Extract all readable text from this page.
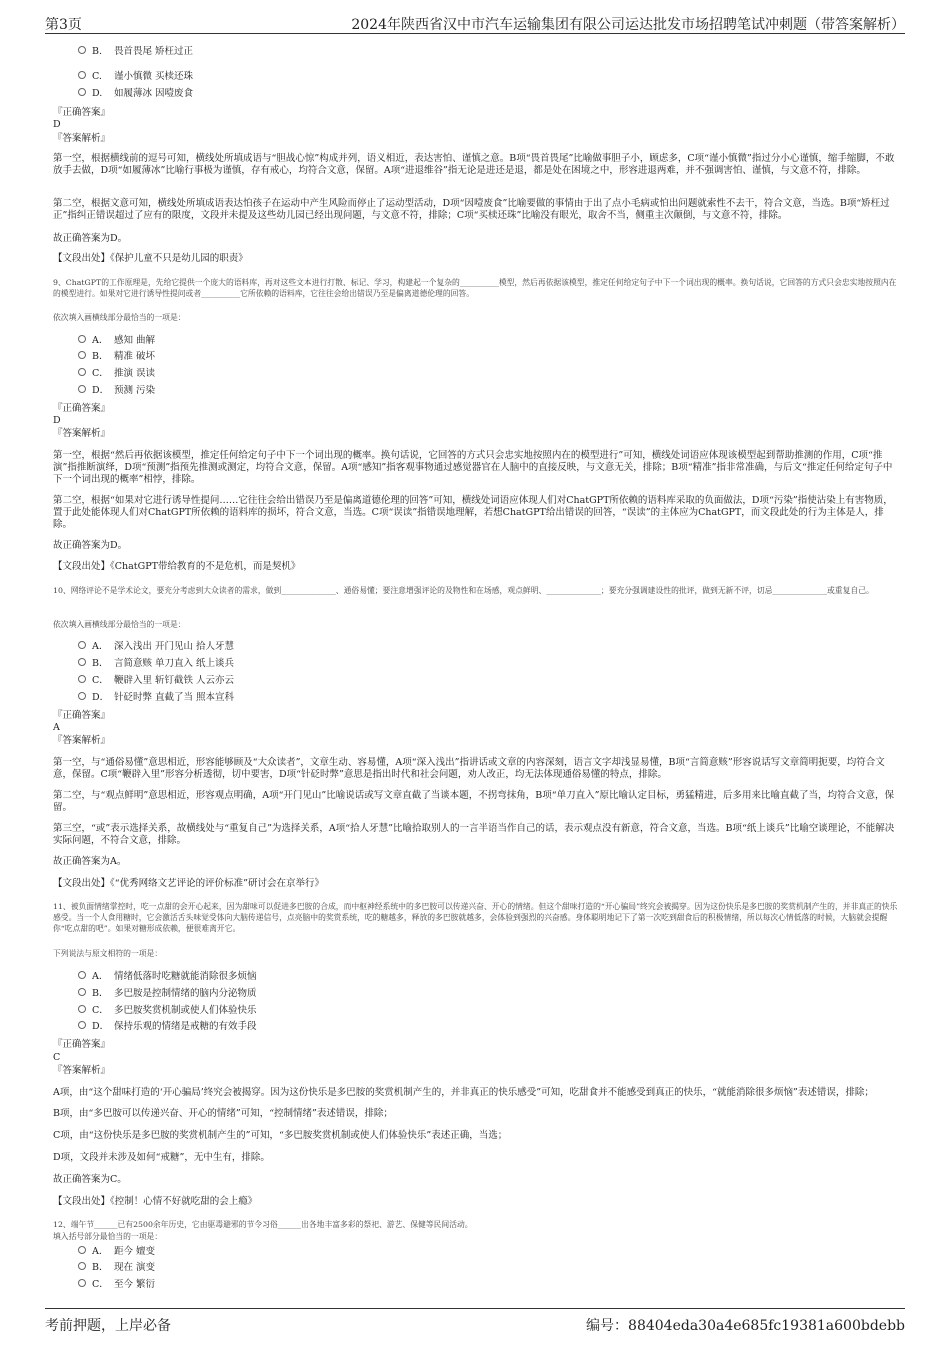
第3页	2024年陕西省汉中市汽车运输集团有限公司运达批发市场招聘笔试冲刺题（带答案解析）
B. 畏首畏尾 矫枉过正
C. 谨小慎微 买椟还珠
D. 如履薄冰 因噎废食
『正确答案』
D
『答案解析』
第一空，根据横线前的逗号可知，横线处所填成语与“胆战心惊”构成并列，语义相近，表达害怕、谨慎之意。B项“畏首畏尾”比喻做事胆子小，顾虑多，C项“谨小慎微”指过分小心谨慎，缩手缩脚，不敢放手去做，D项“如履薄冰”比喻行事极为谨慎，存有戒心，均符合文意，保留。A项“进退维谷”指无论是进还是退，都是处在困境之中，形容进退两难，并不强调害怕、谨慎，与文意不符，排除。
第二空，根据文意可知，横线处所填成语表达怕孩子在运动中产生风险而停止了运动型活动，D项“因噎废食”比喻要做的事情由于出了点小毛病或怕出问题就索性不去干，符合文意，当选。B项“矫枉过正”指纠正错误超过了应有的限度，文段并未提及这些幼儿园已经出现问题，与文意不符，排除；C项“买椟还珠”比喻没有眼光，取舍不当，侧重主次颠倒，与文意不符，排除。
故正确答案为D。
【文段出处】《保护儿童不只是幼儿园的职责》
9、ChatGPT的工作原理是，先给它提供一个庞大的语料库，再对这些文本进行打散、标记、学习，构建起一个复杂的__________模型，然后再依据该模型，推定任何给定句子中下一个词出现的概率。换句话说，它回答的方式只会忠实地按照内在的模型进行。如果对它进行诱导性提问或者__________它所依赖的语料库，它往往会给出错误乃至是偏离道德伦理的回答。
依次填入画横线部分最恰当的一项是：
A． 感知 曲解
B． 精准 破坏
C． 推演 误读
D． 预测 污染
『正确答案』
D
『答案解析』
第一空，根据“然后再依据该模型，推定任何给定句子中下一个词出现的概率。换句话说，它回答的方式只会忠实地按照内在的模型进行”可知，横线处词语应体现该模型起到帮助推测的作用，C项“推演”指推断演绎，D项“预测”指预先推测或测定，均符合文意，保留。A项“感知”指客观事物通过感觉器官在人脑中的直接反映，与文意无关，排除；B项“精准”指非常准确，与后文“推定任何给定句子中下一个词出现的概率”相悖，排除。
第二空，根据“如果对它进行诱导性提问……它往往会给出错误乃至是偏离道德伦理的回答”可知，横线处词语应体现人们对ChatGPT所依赖的语料库采取的负面做法，D项“污染”指使沾染上有害物质，置于此处能体现人们对ChatGPT所依赖的语料库的损坏，符合文意，当选。C项“误读”指错误地理解，若想ChatGPT给出错误的回答，“误读”的主体应为ChatGPT，而文段此处的行为主体是人，排除。
故正确答案为D。
【文段出处】《ChatGPT带给教育的不是危机，而是契机》
10、网络评论不是学术论文，要充分考虑到大众读者的需求，做到______________、通俗易懂；要注意增强评论的及物性和在场感，观点鲜明、______________；要充分强调建设性的批评，做到无新不评，切忌______________或重复自己。
依次填入画横线部分最恰当的一项是：
A． 深入浅出 开门见山 拾人牙慧
B． 言简意赅 单刀直入 纸上谈兵
C． 鞭辟入里 斩钉截铁 人云亦云
D． 针砭时弊 直截了当 照本宣科
『正确答案』
A
『答案解析』
第一空，与“通俗易懂”意思相近，形容能够顾及“大众读者”，文章生动、容易懂，A项“深入浅出”指讲话或文章的内容深刻，语言文字却浅显易懂，B项“言简意赅”形容说话写文章简明扼要，均符合文意，保留。C项“鞭辟入里”形容分析透彻，切中要害，D项“针砭时弊”意思是指出时代和社会问题，劝人改正，均无法体现通俗易懂的特点，排除。
第二空，与“观点鲜明”意思相近，形容观点明确，A项“开门见山”比喻说话或写文章直截了当谈本题，不拐弯抹角，B项“单刀直入”原比喻认定目标，勇猛精进，后多用来比喻直截了当，均符合文意，保留。
第三空，“或”表示选择关系，故横线处与“重复自己”为选择关系，A项“拾人牙慧”比喻拾取别人的一言半语当作自己的话，表示观点没有新意，符合文意，当选。B项“纸上谈兵”比喻空谈理论，不能解决实际问题，不符合文意，排除。
故正确答案为A。
【文段出处】《“优秀网络文艺评论的评价标准”研讨会在京举行》
11、被负面情绪掌控时，吃一点甜的会开心起来，因为甜味可以促进多巴胺的合成，而中枢神经系统中的多巴胺可以传递兴奋、开心的情绪。但这个甜味打造的“开心骗局”终究会被揭穿。因为这份快乐是多巴胺的奖赏机制产生的，并非真正的快乐感受。当一个人食用糖时，它会激活舌头味觉受体向大脑传递信号，点亮脑中的奖赏系统，吃的糖越多，释放的多巴胺就越多，会体验到强烈的兴奋感。身体聪明地记下了第一次吃到甜食后的积极情绪，所以每次心情低落的时候，大脑就会提醒你“吃点甜的吧”。如果对糖形成依赖，便很难离开它。
下列说法与原文相符的一项是：
A． 情绪低落时吃糖就能消除很多烦恼
B． 多巴胺是控制情绪的脑内分泌物质
C． 多巴胺奖赏机制或使人们体验快乐
D． 保持乐观的情绪是戒糖的有效手段
『正确答案』
C
『答案解析』
A项，由“这个甜味打造的‘开心骗局’终究会被揭穿。因为这份快乐是多巴胺的奖赏机制产生的，并非真正的快乐感受”可知，吃甜食并不能感受到真正的快乐，“就能消除很多烦恼”表述错误，排除；
B项，由“多巴胺可以传递兴奋、开心的情绪”可知，“控制情绪”表述错误，排除；
C项，由“这份快乐是多巴胺的奖赏机制产生的”可知，“多巴胺奖赏机制或使人们体验快乐”表述正确，当选；
D项，文段并未涉及如何“戒糖”，无中生有，排除。
故正确答案为C。
【文段出处】《控制！心情不好就吃甜的会上瘾》
12、端午节______已有2500余年历史，它由驱毒避邪的节令习俗______出各地丰富多彩的祭祀、游艺、保健等民间活动。
填入括号部分最恰当的一项是：
A． 距今 嬗变
B． 现在 演变
C． 至今 繁衍
考前押题，上岸必备	编号：88404eda30a4e685fc19381a600bdebb
